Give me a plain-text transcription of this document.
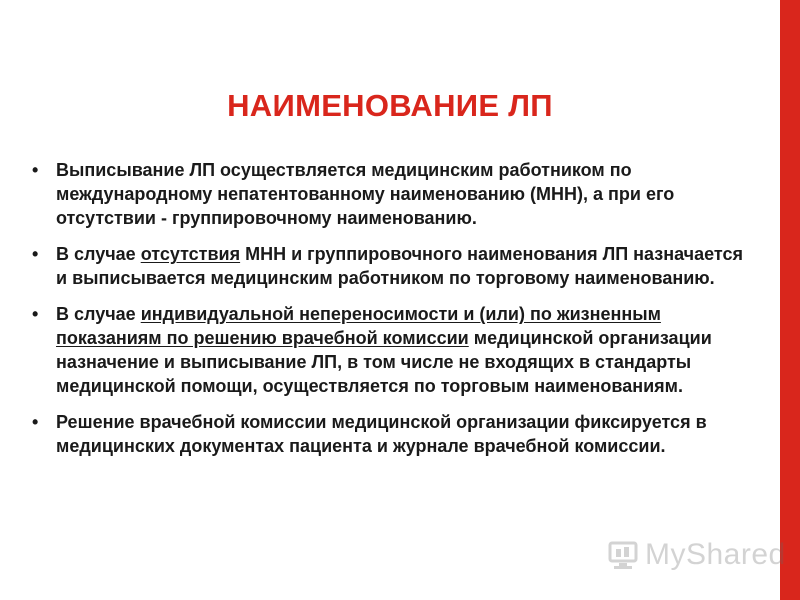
НАИМЕНОВАНИЕ ЛП
• Выписывание ЛП осуществляется медицинским работником по международному непатентованному наименованию (МНН), а при его отсутствии - группировочному наименованию.
• В случае отсутствия МНН и группировочного наименования ЛП назначается и выписывается медицинским работником по торговому наименованию.
• В случае индивидуальной непереносимости и (или) по жизненным показаниям по решению врачебной комиссии медицинской организации назначение и выписывание ЛП, в том числе не входящих в стандарты медицинской помощи, осуществляется по торговым наименованиям.
• Решение врачебной комиссии медицинской организации фиксируется в медицинских документах пациента и журнале врачебной комиссии.
MyShared
